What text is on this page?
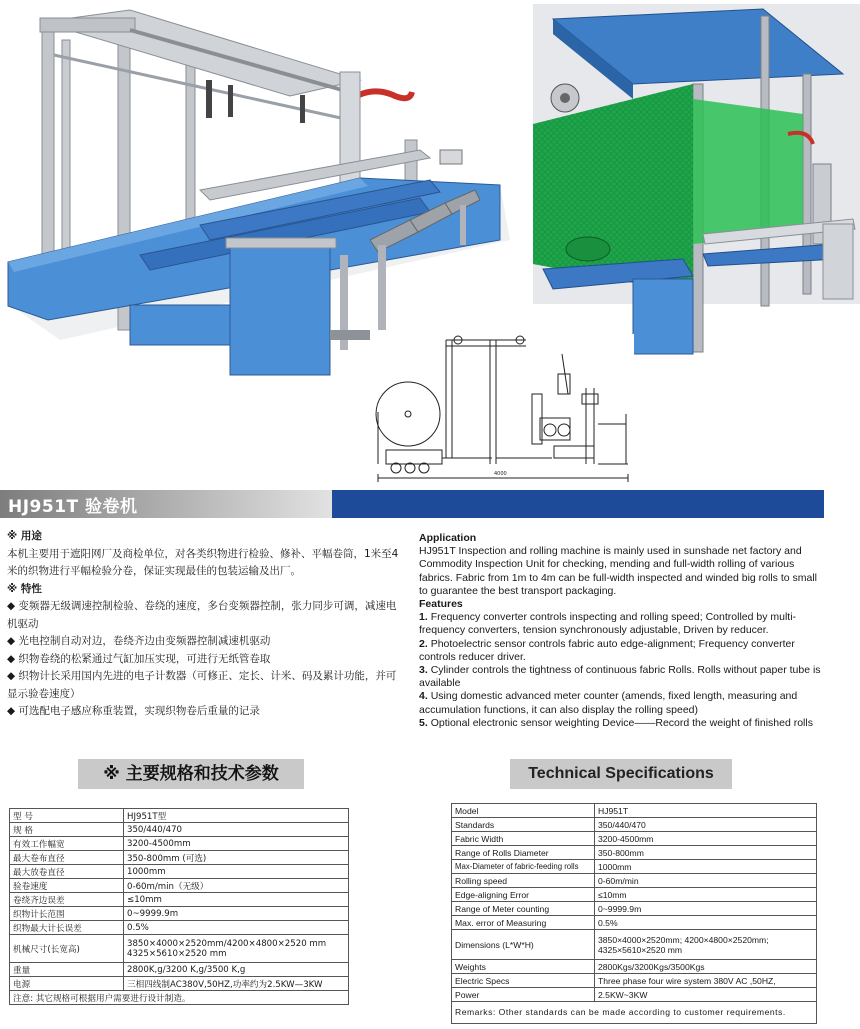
4000
HJ951T 验卷机
※ 用途
本机主要用于遮阳网厂及商检单位，对各类织物进行检验、修补、平幅卷筒，1米至4米的织物进行平幅检验分卷，保证实现最佳的包装运输及出厂。
※ 特性
◆ 变频器无级调速控制检验、卷绕的速度，多台变频器控制，张力同步可调，减速电机驱动
◆ 光电控制自动对边，卷绕齐边由变频器控制减速机驱动
◆ 织物卷绕的松紧通过气缸加压实现，可进行无纸管卷取
◆ 织物计长采用国内先进的电子计数器（可修正、定长、计米、码及累计功能，并可显示验卷速度）
◆ 可选配电子感应称重装置，实现织物卷后重量的记录
Application
HJ951T Inspection and rolling machine is mainly used in sunshade net factory and Commodity Inspection Unit for checking, mending and full-width rolling of various fabrics. Fabric from 1m to 4m can be full-width inspected and winded big rolls to small to guarantee the best transport packaging.
Features
1. Frequency converter controls inspecting and rolling speed; Controlled by multi-frequency converters, tension synchronously adjustable, Driven by reducer.
2. Photoelectric sensor controls fabric auto edge-alignment; Frequency converter controls reducer driver.
3. Cylinder controls the tightness of continuous fabric Rolls. Rolls without paper tube is available
4. Using domestic advanced meter counter (amends, fixed length, measuring and accumulation functions, it can also display the rolling speed)
5. Optional electronic sensor weighting Device——Record the weight of finished rolls
※ 主要规格和技术参数	Technical Specifications
型 号	HJ951T型
规 格	350/440/470
有效工作幅宽	3200-4500mm
最大卷布直径	350-800mm (可选)
最大放卷直径	1000mm
验卷速度	0-60m/min（无级）
卷绕齐边误差	≤10mm
织物计长范围	0~9999.9m
织物最大计长误差	0.5%
机械尺寸(长宽高)	3850×4000×2520mm/4200×4800×2520 mm 4325×5610×2520 mm
重量	2800K,g/3200 K,g/3500 K,g
电源	三相四线制AC380V,50HZ,功率约为2.5KW—3KW
注意: 其它规格可根据用户需要进行设计制造。	
Model	HJ951T
Standards	350/440/470
Fabric Width	3200-4500mm
Range of Rolls Diameter	350-800mm
Max-Diameter of fabric-feeding rolls	1000mm
Rolling speed	0-60m/min
Edge-aligning Error	≤10mm
Range of Meter counting	0~9999.9m
Max. error of Measuring	0.5%
Dimensions (L*W*H)	3850×4000×2520mm; 4200×4800×2520mm; 4325×5610×2520 mm
Weights	2800Kgs/3200Kgs/3500Kgs
Electric Specs	Three phase four wire system 380V AC ,50HZ,
Power	2.5KW~3KW
Remarks: Other standards can be made according to customer requirements.	
